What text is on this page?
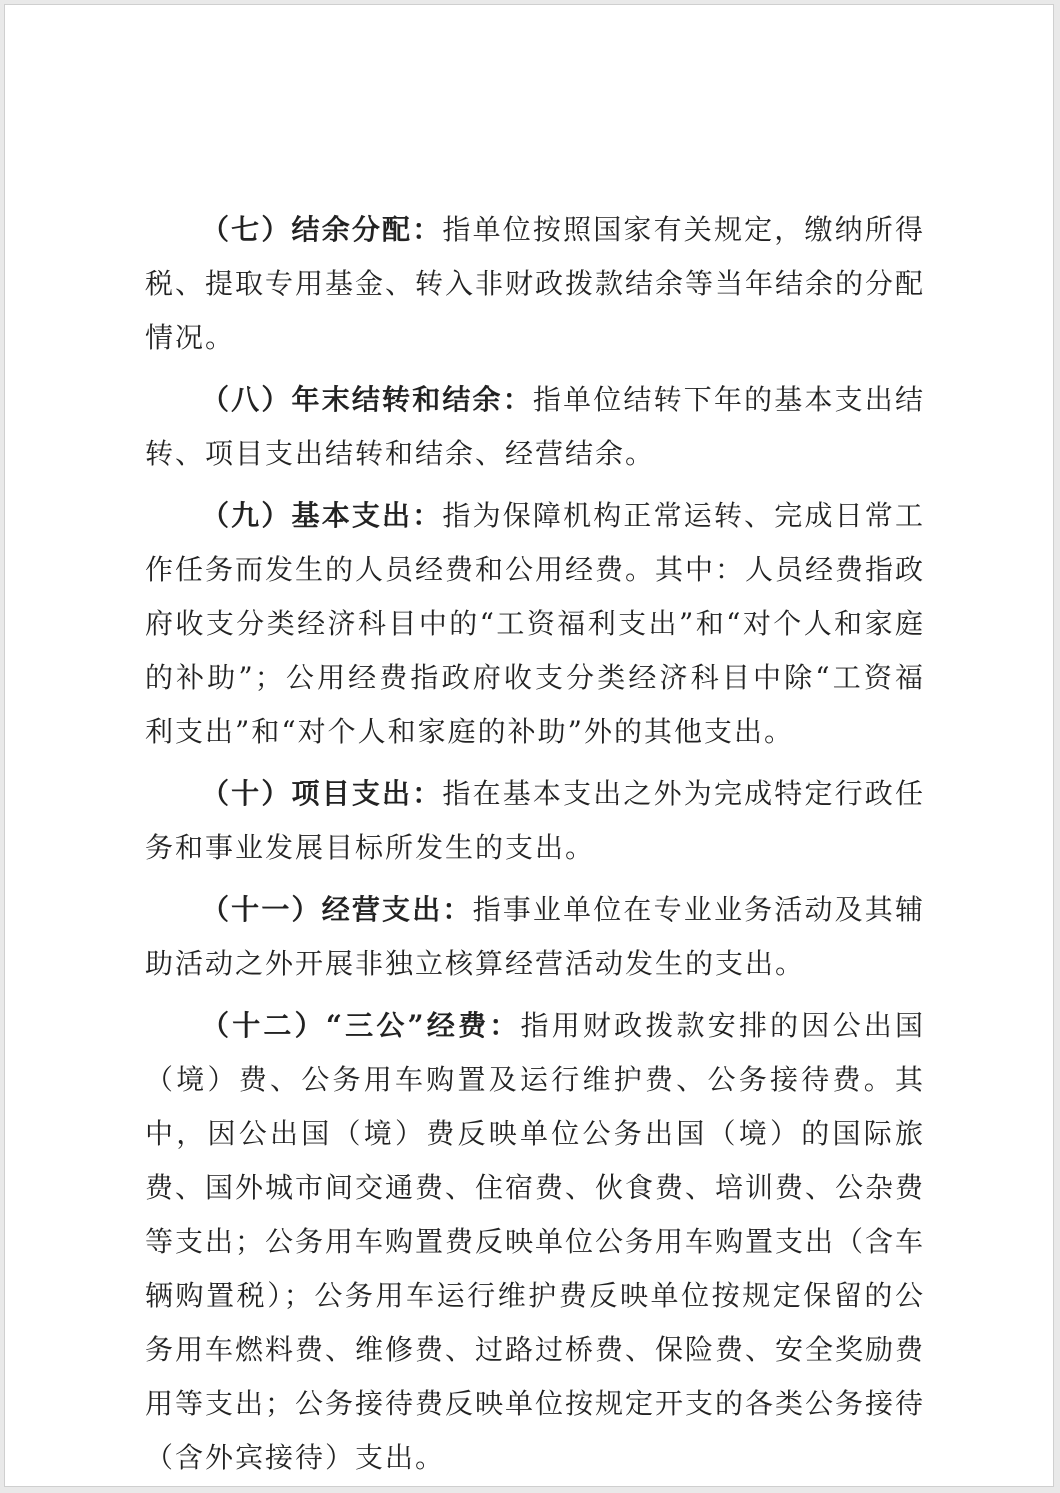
（七）结余分配：指单位按照国家有关规定，缴纳所得税、提取专用基金、转入非财政拨款结余等当年结余的分配情况。

（八）年末结转和结余：指单位结转下年的基本支出结转、项目支出结转和结余、经营结余。

（九）基本支出：指为保障机构正常运转、完成日常工作任务而发生的人员经费和公用经费。其中：人员经费指政府收支分类经济科目中的“工资福利支出”和“对个人和家庭的补助”；公用经费指政府收支分类经济科目中除“工资福利支出”和“对个人和家庭的补助”外的其他支出。

（十）项目支出：指在基本支出之外为完成特定行政任务和事业发展目标所发生的支出。

（十一）经营支出：指事业单位在专业业务活动及其辅助活动之外开展非独立核算经营活动发生的支出。

（十二）“三公”经费：指用财政拨款安排的因公出国（境）费、公务用车购置及运行维护费、公务接待费。其中，因公出国（境）费反映单位公务出国（境）的国际旅费、国外城市间交通费、住宿费、伙食费、培训费、公杂费等支出；公务用车购置费反映单位公务用车购置支出（含车辆购置税）；公务用车运行维护费反映单位按规定保留的公务用车燃料费、维修费、过路过桥费、保险费、安全奖励费用等支出；公务接待费反映单位按规定开支的各类公务接待（含外宾接待）支出。
